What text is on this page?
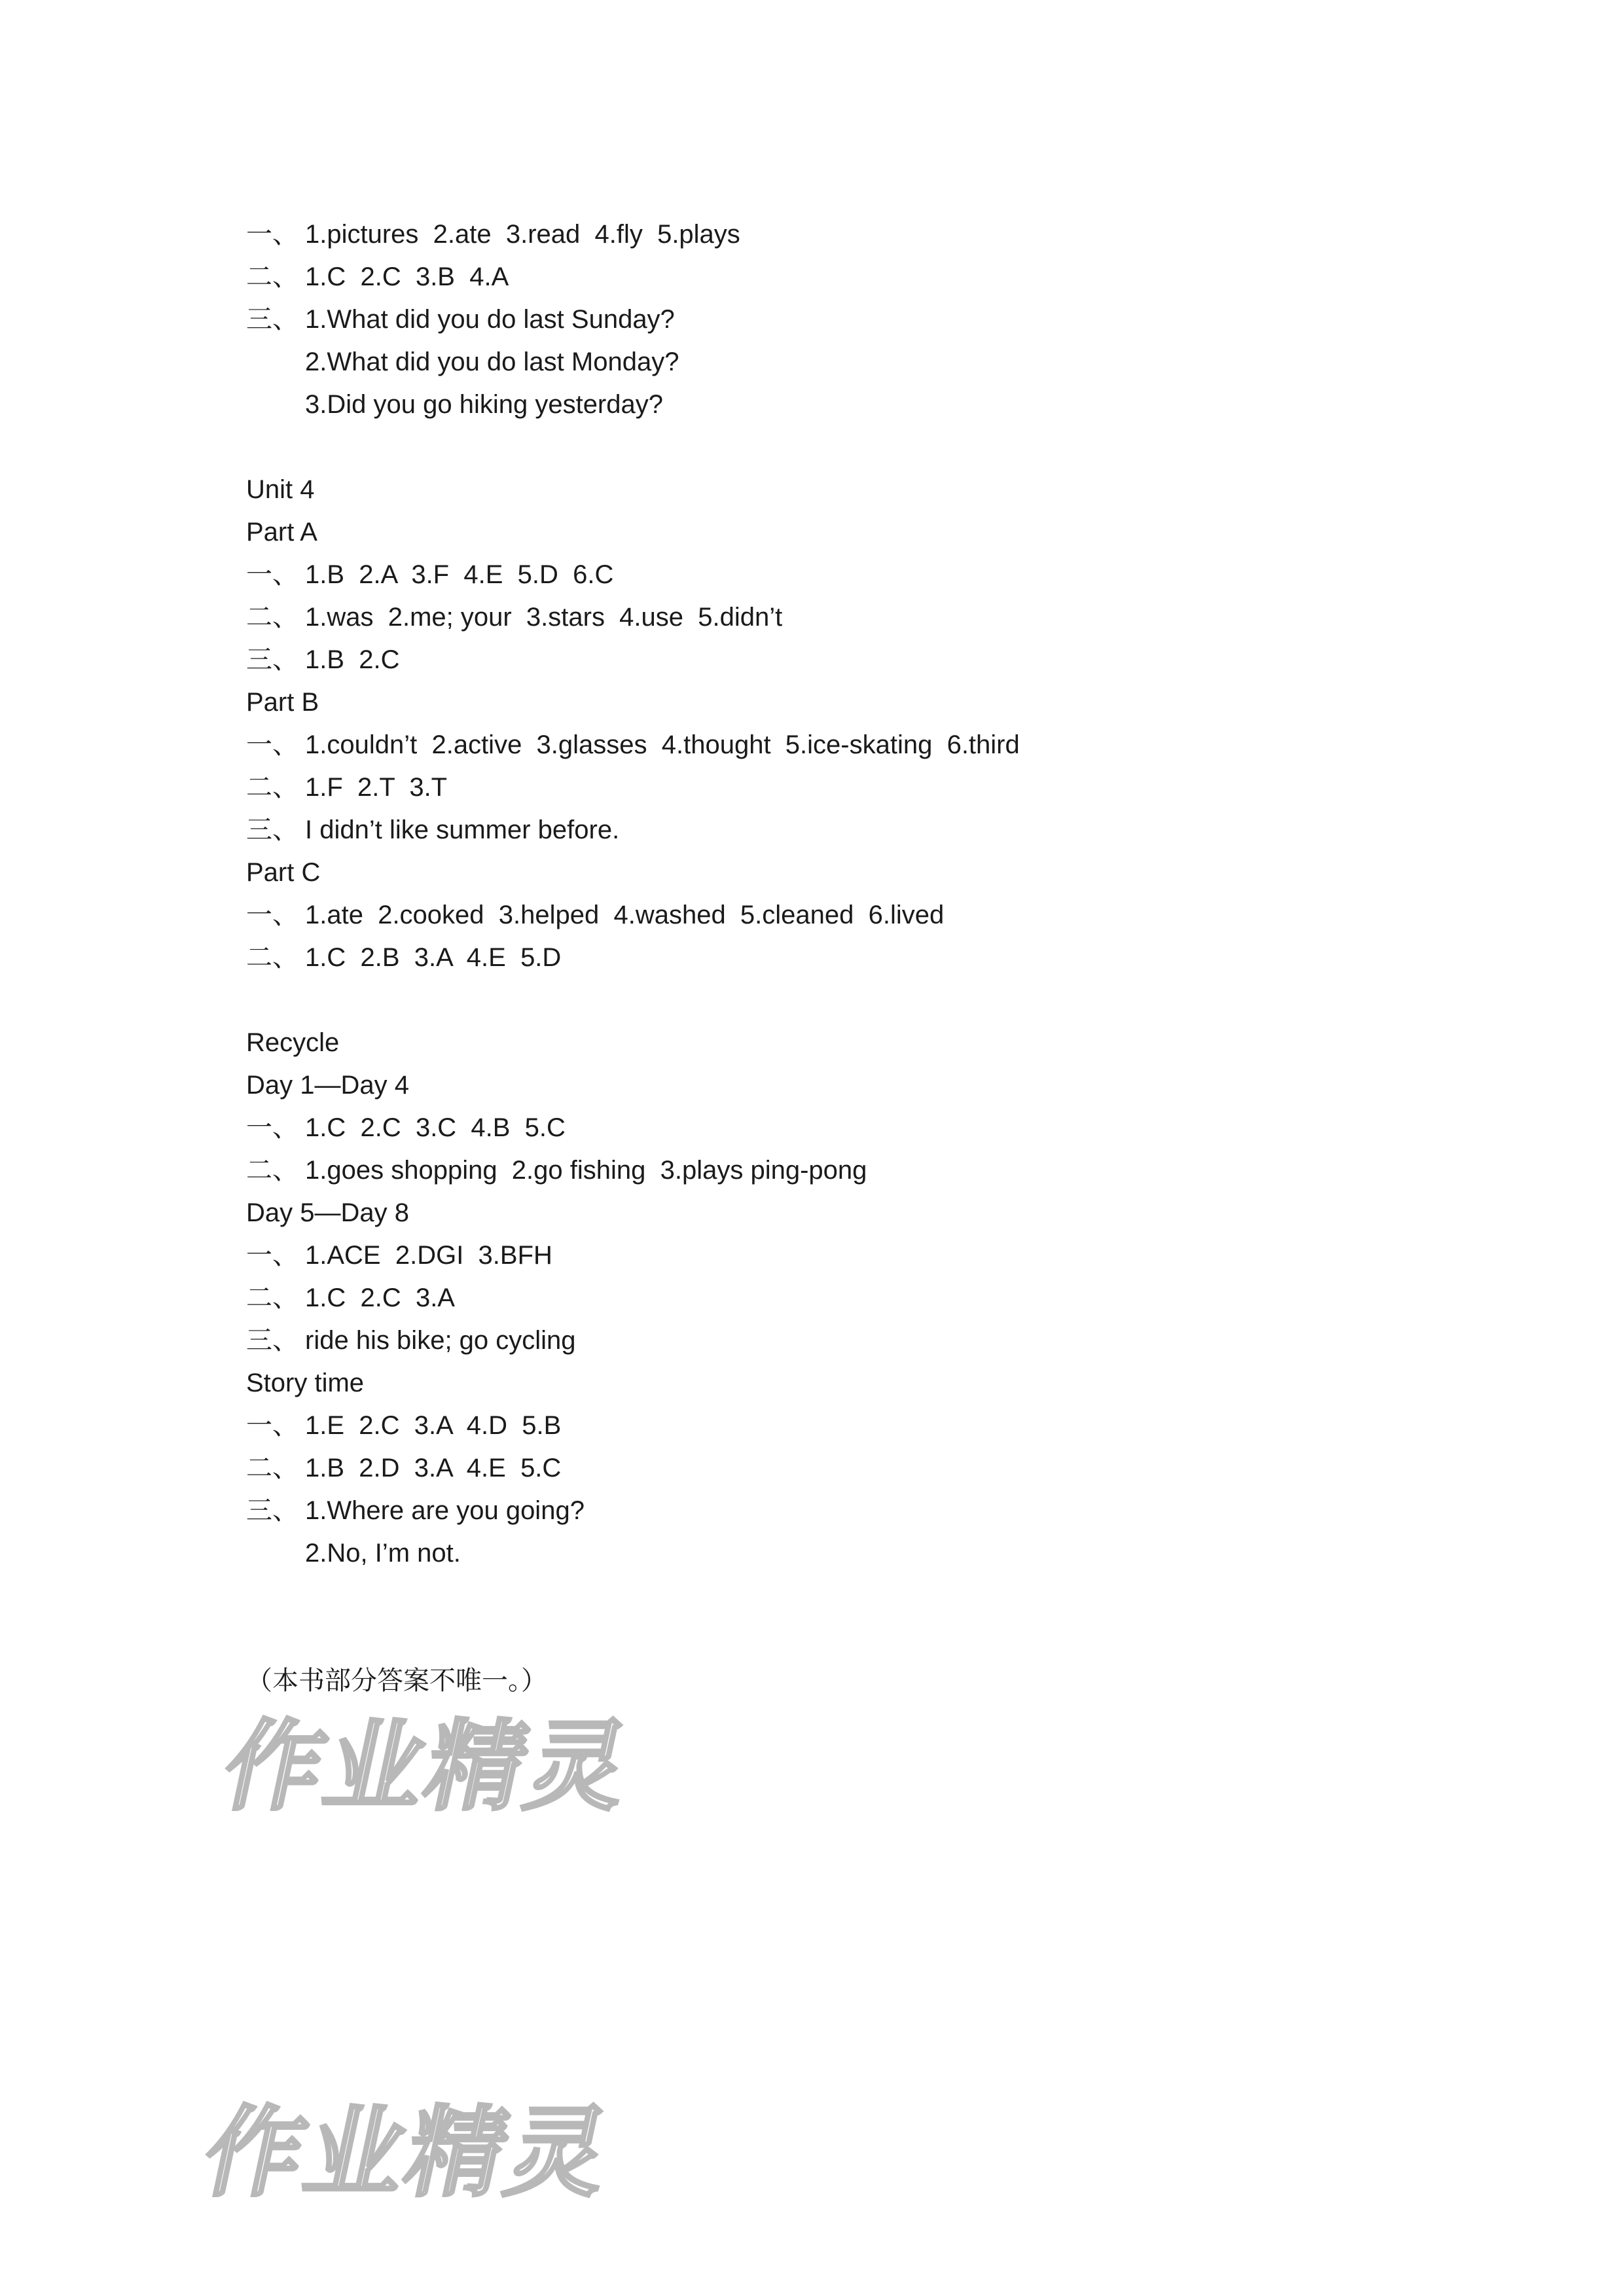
一、 1.pictures  2.ate  3.read  4.fly  5.plays
二、 1.C  2.C  3.B  4.A
三、 1.What did you do last Sunday?
2.What did you do last Monday?
3.Did you go hiking yesterday?
Unit 4
Part A
一、 1.B  2.A  3.F  4.E  5.D  6.C
二、 1.was  2.me; your  3.stars  4.use  5.didn’t
三、 1.B  2.C
Part B
一、 1.couldn’t  2.active  3.glasses  4.thought  5.ice-skating  6.third
二、 1.F  2.T  3.T
三、 I didn’t like summer before.
Part C
一、 1.ate  2.cooked  3.helped  4.washed  5.cleaned  6.lived
二、 1.C  2.B  3.A  4.E  5.D
Recycle
Day 1—Day 4
一、 1.C  2.C  3.C  4.B  5.C
二、 1.goes shopping  2.go fishing  3.plays ping-pong
Day 5—Day 8
一、 1.ACE  2.DGI  3.BFH
二、 1.C  2.C  3.A
三、 ride his bike; go cycling
Story time
一、 1.E  2.C  3.A  4.D  5.B
二、 1.B  2.D  3.A  4.E  5.C
三、 1.Where are you going?
2.No, I’m not.
（本书部分答案不唯一。）
作业精灵
作业精灵
